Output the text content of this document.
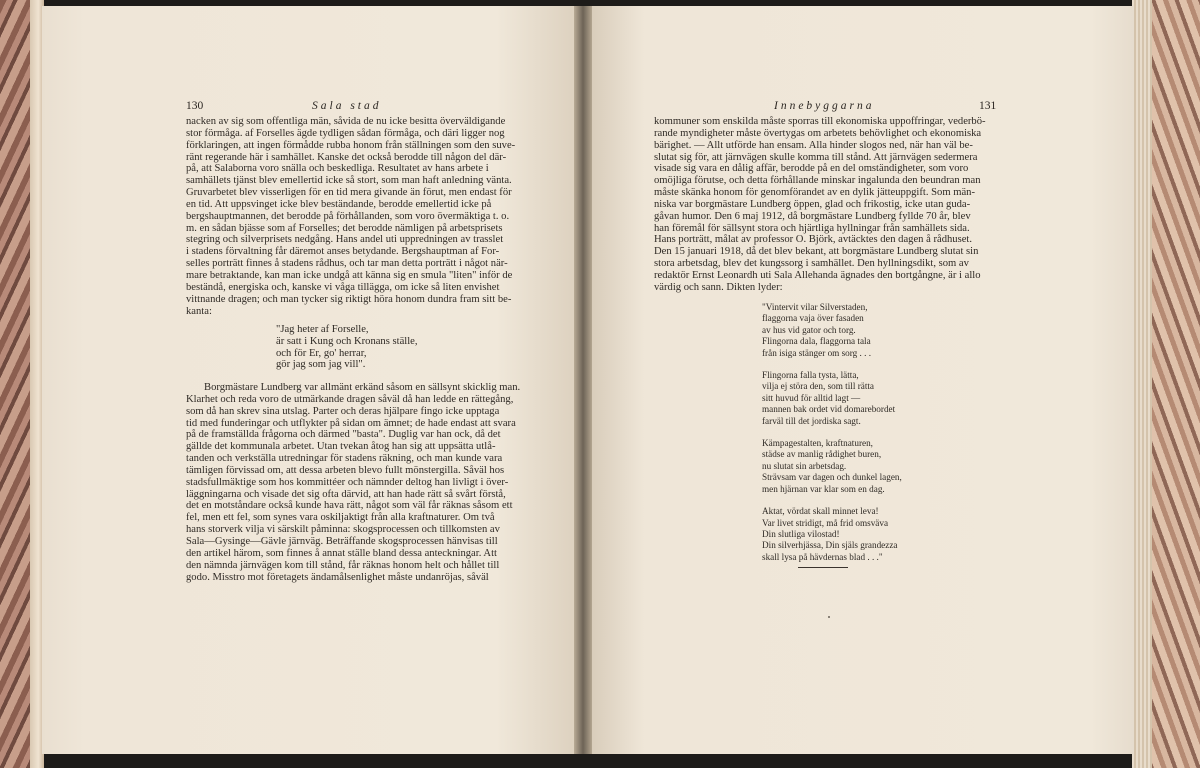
130	Sala stad	Innebyggarna	131
nacken av sig som offentliga män, såvida de nu icke besitta överväldigande
stor förmåga. af Forselles ägde tydligen sådan förmåga, och däri ligger nog
förklaringen, att ingen förmådde rubba honom från ställningen som den suve-
ränt regerande här i samhället. Kanske det också berodde till någon del där-
på, att Salaborna voro snälla och beskedliga. Resultatet av hans arbete i
samhällets tjänst blev emellertid icke så stort, som man haft anledning vänta.
Gruvarbetet blev visserligen för en tid mera givande än förut, men endast för
en tid. Att uppsvinget icke blev beständande, berodde emellertid icke på
bergshauptmannen, det berodde på förhållanden, som voro övermäktiga t. o.
m. en sådan bjässe som af Forselles; det berodde nämligen på arbetsprisets
stegring och silverprisets nedgång. Hans andel uti uppredningen av trasslet
i stadens förvaltning får däremot anses betydande. Bergshauptman af For-
selles porträtt finnes å stadens rådhus, och tar man detta porträtt i något när-
mare betraktande, kan man icke undgå att känna sig en smula "liten" inför de
beständå, energiska och, kanske vi våga tillägga, om icke så liten envishet
vittnande dragen; och man tycker sig riktigt höra honom dundra fram sitt be-
kanta:
"Jag heter af Forselle,
är satt i Kung och Kronans ställe,
och för Er, go' herrar,
gör jag som jag vill".
Borgmästare Lundberg var allmänt erkänd såsom en sällsynt skicklig man.
Klarhet och reda voro de utmärkande dragen såväl då han ledde en rättegång,
som då han skrev sina utslag. Parter och deras hjälpare fingo icke upptaga
tid med funderingar och utflykter på sidan om ämnet; de hade endast att svara
på de framställda frågorna och därmed "basta". Duglig var han ock, då det
gällde det kommunala arbetet. Utan tvekan åtog han sig att uppsätta utlå-
tanden och verkställa utredningar för stadens räkning, och man kunde vara
tämligen förvissad om, att dessa arbeten blevo fullt mönstergilla. Såväl hos
stadsfullmäktige som hos kommittéer och nämnder deltog han livligt i över-
läggningarna och visade det sig ofta därvid, att han hade rätt så svårt förstå,
det en motståndare också kunde hava rätt, något som väl får räknas såsom ett
fel, men ett fel, som synes vara oskiljaktigt från alla kraftnaturer. Om två
hans storverk vilja vi särskilt påminna: skogsprocessen och tillkomsten av
Sala—Gysinge—Gävle järnväg. Beträffande skogsprocessen hänvisas till
den artikel härom, som finnes å annat ställe bland dessa anteckningar. Att
den nämnda järnvägen kom till stånd, får räknas honom helt och hållet till
godo. Misstro mot företagets ändamålsenlighet måste undanröjas, såväl
kommuner som enskilda måste sporras till ekonomiska uppoffringar, vederbö-
rande myndigheter måste övertygas om arbetets behövlighet och ekonomiska
bärighet. — Allt utförde han ensam. Alla hinder slogos ned, när han väl be-
slutat sig för, att järnvägen skulle komma till stånd. Att järnvägen sedermera
visade sig vara en dålig affär, berodde på en del omständigheter, som voro
omöjliga förutse, och detta förhållande minskar ingalunda den beundran man
måste skänka honom för genomförandet av en dylik jätteuppgift. Som män-
niska var borgmästare Lundberg öppen, glad och frikostig, icke utan guda-
gåvan humor. Den 6 maj 1912, då borgmästare Lundberg fyllde 70 år, blev
han föremål för sällsynt stora och hjärtliga hyllningar från samhällets sida.
Hans porträtt, målat av professor O. Björk, avtäcktes den dagen å rådhuset.
Den 15 januari 1918, då det blev bekant, att borgmästare Lundberg slutat sin
stora arbetsdag, blev det kungssorg i samhället. Den hyllningsdikt, som av
redaktör Ernst Leonardh uti Sala Allehanda ägnades den bortgångne, är i allo
värdig och sann. Dikten lyder:
"Vintervit vilar Silverstaden,
flaggorna vaja över fasaden
av hus vid gator och torg.
Flingorna dala, flaggorna tala
från isiga stänger om sorg . . .
Flingorna falla tysta, lätta,
vilja ej störa den, som till rätta
sitt huvud för alltid lagt —
mannen bak ordet vid domarebordet
farväl till det jordiska sagt.
Kämpagestalten, kraftnaturen,
städse av manlig rådighet buren,
nu slutat sin arbetsdag.
Strävsam var dagen och dunkel lagen,
men hjärnan var klar som en dag.
Aktat, vördat skall minnet leva!
Var livet stridigt, må frid omsväva
Din slutliga vilostad!
Din silverhjässa, Din själs grandezza
skall lysa på hävdernas blad . . ."
